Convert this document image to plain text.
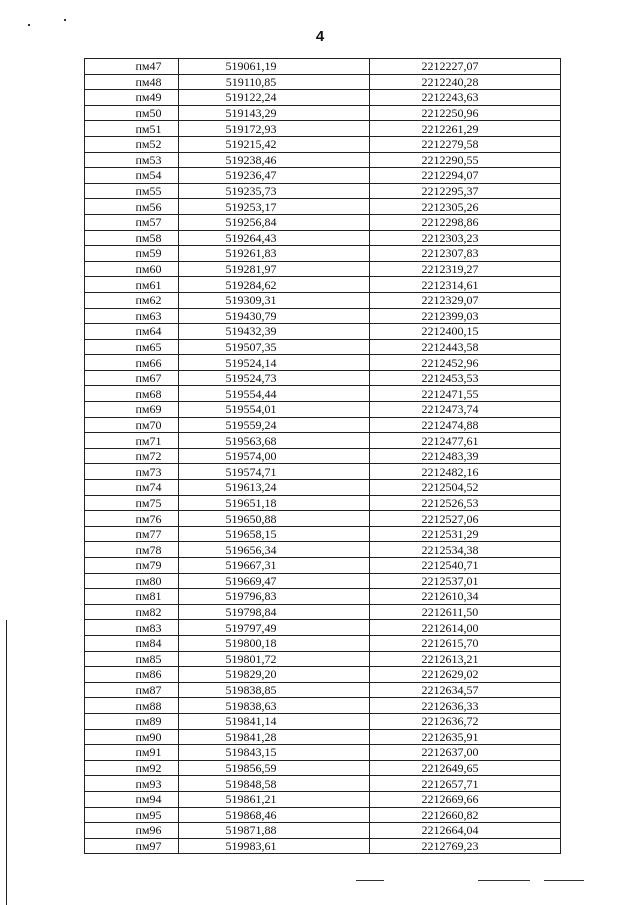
4
пм47	519061,19	2212227,07
пм48	519110,85	2212240,28
пм49	519122,24	2212243,63
пм50	519143,29	2212250,96
пм51	519172,93	2212261,29
пм52	519215,42	2212279,58
пм53	519238,46	2212290,55
пм54	519236,47	2212294,07
пм55	519235,73	2212295,37
пм56	519253,17	2212305,26
пм57	519256,84	2212298,86
пм58	519264,43	2212303,23
пм59	519261,83	2212307,83
пм60	519281,97	2212319,27
пм61	519284,62	2212314,61
пм62	519309,31	2212329,07
пм63	519430,79	2212399,03
пм64	519432,39	2212400,15
пм65	519507,35	2212443,58
пм66	519524,14	2212452,96
пм67	519524,73	2212453,53
пм68	519554,44	2212471,55
пм69	519554,01	2212473,74
пм70	519559,24	2212474,88
пм71	519563,68	2212477,61
пм72	519574,00	2212483,39
пм73	519574,71	2212482,16
пм74	519613,24	2212504,52
пм75	519651,18	2212526,53
пм76	519650,88	2212527,06
пм77	519658,15	2212531,29
пм78	519656,34	2212534,38
пм79	519667,31	2212540,71
пм80	519669,47	2212537,01
пм81	519796,83	2212610,34
пм82	519798,84	2212611,50
пм83	519797,49	2212614,00
пм84	519800,18	2212615,70
пм85	519801,72	2212613,21
пм86	519829,20	2212629,02
пм87	519838,85	2212634,57
пм88	519838,63	2212636,33
пм89	519841,14	2212636,72
пм90	519841,28	2212635,91
пм91	519843,15	2212637,00
пм92	519856,59	2212649,65
пм93	519848,58	2212657,71
пм94	519861,21	2212669,66
пм95	519868,46	2212660,82
пм96	519871,88	2212664,04
пм97	519983,61	2212769,23
